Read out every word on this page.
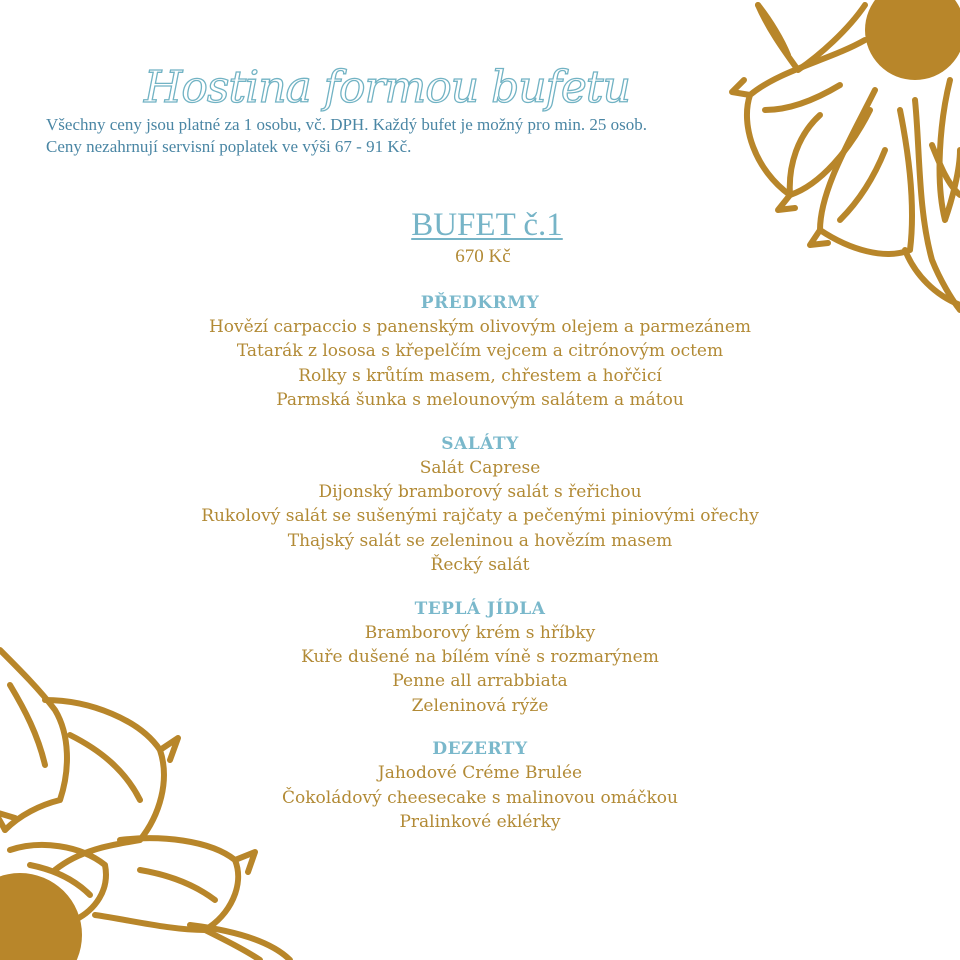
Hostina formou bufetu

Všechny ceny jsou platné za 1 osobu, vč. DPH. Každý bufet je možný pro min. 25 osob. Ceny nezahrnují servisní poplatek ve výši 67 - 91 Kč.

BUFET č.1

670 Kč

PŘEDKRMY

Hovězí carpaccio s panenským olivovým olejem a parmezánem

Tatarák z lososa s křepelčím vejcem a citrónovým octem

Rolky s krůtím masem, chřestem a hořčicí

Parmská šunka s melounovým salátem a mátou

SALÁTY

Salát Caprese

Dijonský bramborový salát s řeřichou

Rukolový salát se sušenými rajčaty a pečenými piniovými ořechy

Thajský salát se zeleninou a hovězím masem

Řecký salát

TEPLÁ JÍDLA

Bramborový krém s hříbky

Kuře dušené na bílém víně s rozmarýnem

Penne all arrabbiata

Zeleninová rýže

DEZERTY

Jahodové Créme Brulée

Čokoládový cheesecake s malinovou omáčkou

Pralinkové eklérky
